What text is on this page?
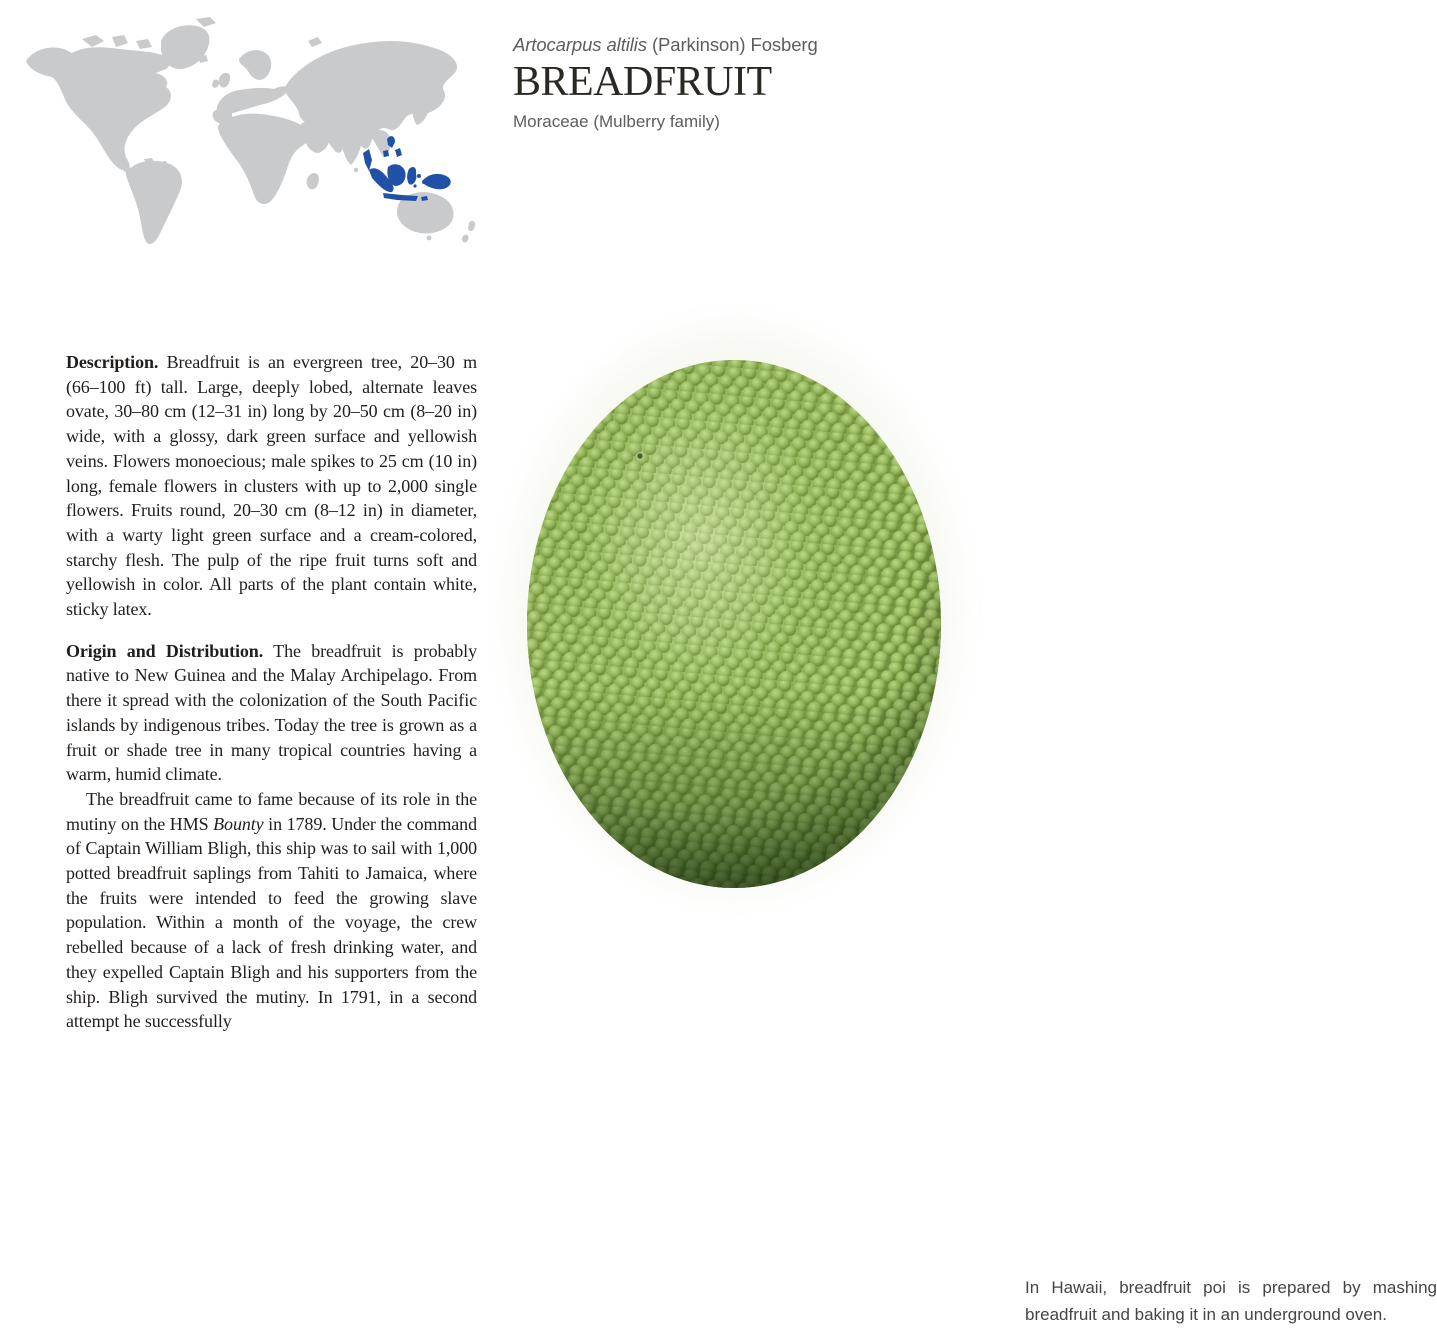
Artocarpus altilis (Parkinson) Fosberg
BREADFRUIT
Moraceae (Mulberry family)

Description. Breadfruit is an evergreen tree, 20–30 m (66–100 ft) tall. Large, deeply lobed, alternate leaves ovate, 30–80 cm (12–31 in) long by 20–50 cm (8–20 in) wide, with a glossy, dark green surface and yellowish veins. Flowers monoecious; male spikes to 25 cm (10 in) long, female flowers in clusters with up to 2,000 single flowers. Fruits round, 20–30 cm (8–12 in) in diameter, with a warty light green surface and a cream-colored, starchy flesh. The pulp of the ripe fruit turns soft and yellowish in color. All parts of the plant contain white, sticky latex.

Origin and Distribution. The breadfruit is probably native to New Guinea and the Malay Archipelago. From there it spread with the colonization of the South Pacific islands by indigenous tribes. Today the tree is grown as a fruit or shade tree in many tropical countries having a warm, humid climate.

The breadfruit came to fame because of its role in the mutiny on the HMS Bounty in 1789. Under the command of Captain William Bligh, this ship was to sail with 1,000 potted breadfruit saplings from Tahiti to Jamaica, where the fruits were intended to feed the growing slave population. Within a month of the voyage, the crew rebelled because of a lack of fresh drinking water, and they expelled Captain Bligh and his supporters from the ship. Bligh survived the mutiny. In 1791, in a second attempt he successfully

In Hawaii, breadfruit poi is prepared by mashing breadfruit and baking it in an underground oven.
